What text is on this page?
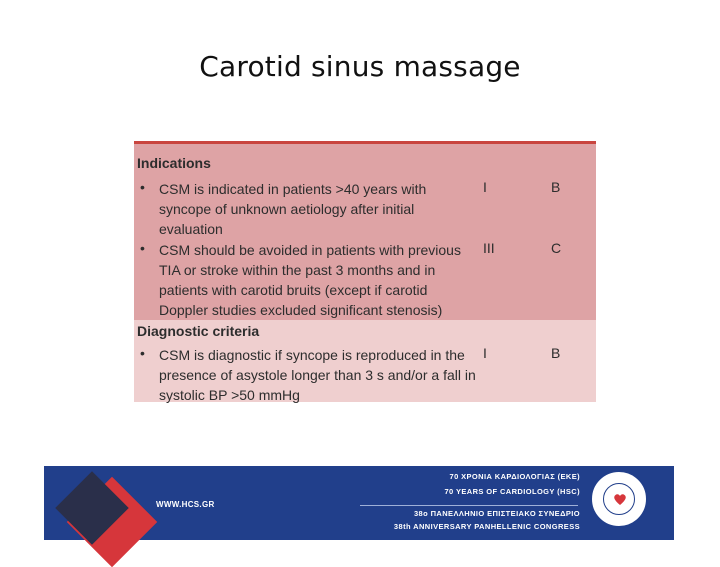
Carotid sinus massage
Indications
• CSM is indicated in patients >40 years with
syncope of unknown aetiology after initial
evaluation
I	B
• CSM should be avoided in patients with previous
TIA or stroke within the past 3 months and in
patients with carotid bruits (except if carotid
Doppler studies excluded significant stenosis)
III	C
Diagnostic criteria
• CSM is diagnostic if syncope is reproduced in the
presence of asystole longer than 3 s and/or a fall in
systolic BP >50 mmHg
I	B
WWW.HCS.GR
70 ΧΡΟΝΙΑ ΚΑΡΔΙΟΛΟΓΙΑΣ (ΕΚΕ)
70 YEARS OF CARDIOLOGY (HSC)
38ο ΠΑΝΕΛΛΗΝΙΟ ΕΠΙΣΤΕΙΑΚΟ ΣΥΝΕΔΡΙΟ
38th ANNIVERSARY PANHELLENIC CONGRESS
